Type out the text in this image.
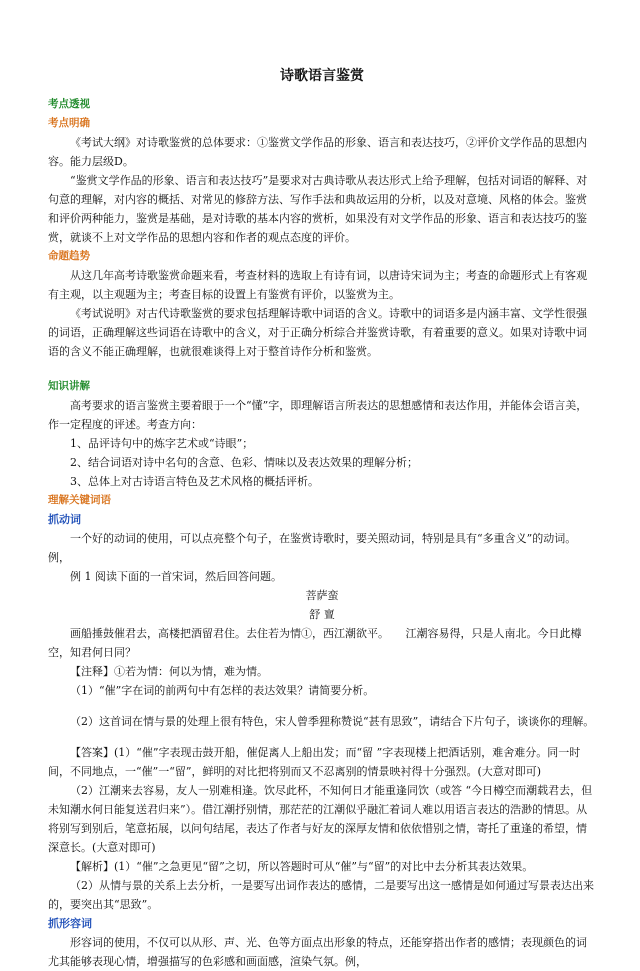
诗歌语言鉴赏
考点透视
考点明确

《考试大纲》对诗歌鉴赏的总体要求：①鉴赏文学作品的形象、语言和表达技巧，②评价文学作品的思想内容。能力层级D。

“鉴赏文学作品的形象、语言和表达技巧”是要求对古典诗歌从表达形式上给予理解，包括对词语的解释、对句意的理解，对内容的概括、对常见的修辞方法、写作手法和典故运用的分析，以及对意境、风格的体会。鉴赏和评价两种能力，鉴赏是基础，是对诗歌的基本内容的赏析，如果没有对文学作品的形象、语言和表达技巧的鉴赏，就谈不上对文学作品的思想内容和作者的观点态度的评价。

命题趋势

从这几年高考诗歌鉴赏命题来看，考查材料的选取上有诗有词，以唐诗宋词为主；考查的命题形式上有客观有主观，以主观题为主；考查目标的设置上有鉴赏有评价，以鉴赏为主。

《考试说明》对古代诗歌鉴赏的要求包括理解诗歌中词语的含义。诗歌中的词语多是内涵丰富、文学性很强的词语，正确理解这些词语在诗歌中的含义，对于正确分析综合并鉴赏诗歌，有着重要的意义。如果对诗歌中词语的含义不能正确理解，也就很难谈得上对于整首诗作分析和鉴赏。

知识讲解

高考要求的语言鉴赏主要着眼于一个“懂”字，即理解语言所表达的思想感情和表达作用，并能体会语言美，作一定程度的评述。考查方向：

1、品评诗句中的炼字艺术或“诗眼”；

2、结合词语对诗中名句的含意、色彩、情味以及表达效果的理解分析；

3、总体上对古诗语言特色及艺术风格的概括评析。

理解关键词语
抓动词

一个好的动词的使用，可以点亮整个句子，在鉴赏诗歌时，要关照动词，特别是具有“多重含义”的动词。例，

例 1 阅读下面的一首宋词，然后回答问题。

菩萨蛮

舒 亶

画船捶鼓催君去，高楼把酒留君住。去住若为情①，西江潮欲平。　　江潮容易得，只是人南北。今日此樽空，知君何日同？

【注释】①若为情：何以为情，难为情。

（1）“催”字在词的前两句中有怎样的表达效果？请简要分析。

（2）这首词在情与景的处理上很有特色，宋人曾季狸称赞说“甚有思致”，请结合下片句子，谈谈你的理解。

【答案】(1）“催”字表现击鼓开船，催促离人上船出发；而“留 ”字表现楼上把酒话别，难舍难分。同一时间，不同地点，一“催”一“留”，鲜明的对比把将别而又不忍离别的情景映衬得十分强烈。(大意对即可)

（2）江潮来去容易，友人一别难相逢。饮尽此杯，不知何日才能重逢同饮（或答 “今日樽空而潮载君去，但未知潮水何日能复送君归来”）。借江潮抒别情，那茫茫的江潮似乎融汇着词人难以用语言表达的浩渺的情思。从将别写到别后，笔意拓展，以问句结尾，表达了作者与好友的深厚友情和依依惜别之情，寄托了重逢的希望，情深意长。(大意对即可)

【解析】(1）“催”之急更见“留”之切，所以答题时可从“催”与“留”的对比中去分析其表达效果。

（2）从情与景的关系上去分析，一是要写出词作表达的感情，二是要写出这一感情是如何通过写景表达出来的，要突出其“思致”。

抓形容词

形容词的使用，不仅可以从形、声、光、色等方面点出形象的特点，还能穿搭出作者的感情；表现颜色的词尤其能够表现心情，增强描写的色彩感和画面感，渲染气氛。例，
